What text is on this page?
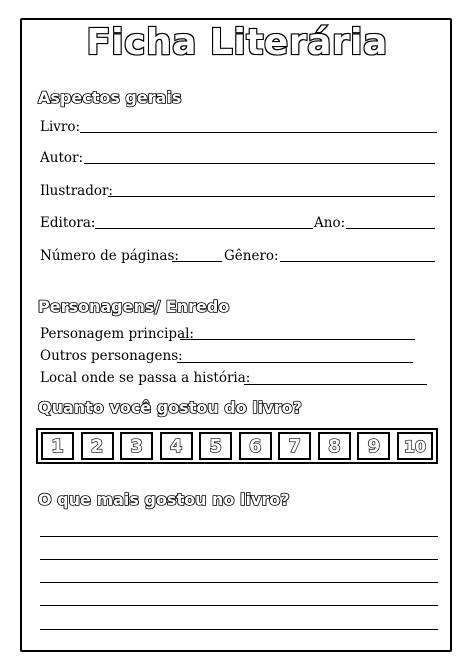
Ficha Literária
Aspectos gerais
Livro:
Autor:
Ilustrador:
Editora:	Ano:
Número de páginas:	Gênero:
Personagens/ Enredo
Personagem principal:
Outros personagens:
Local onde se passa a história:
Quanto você gostou do livro?
1	2	3	4	5	6	7	8	9	10
O que mais gostou no livro?
